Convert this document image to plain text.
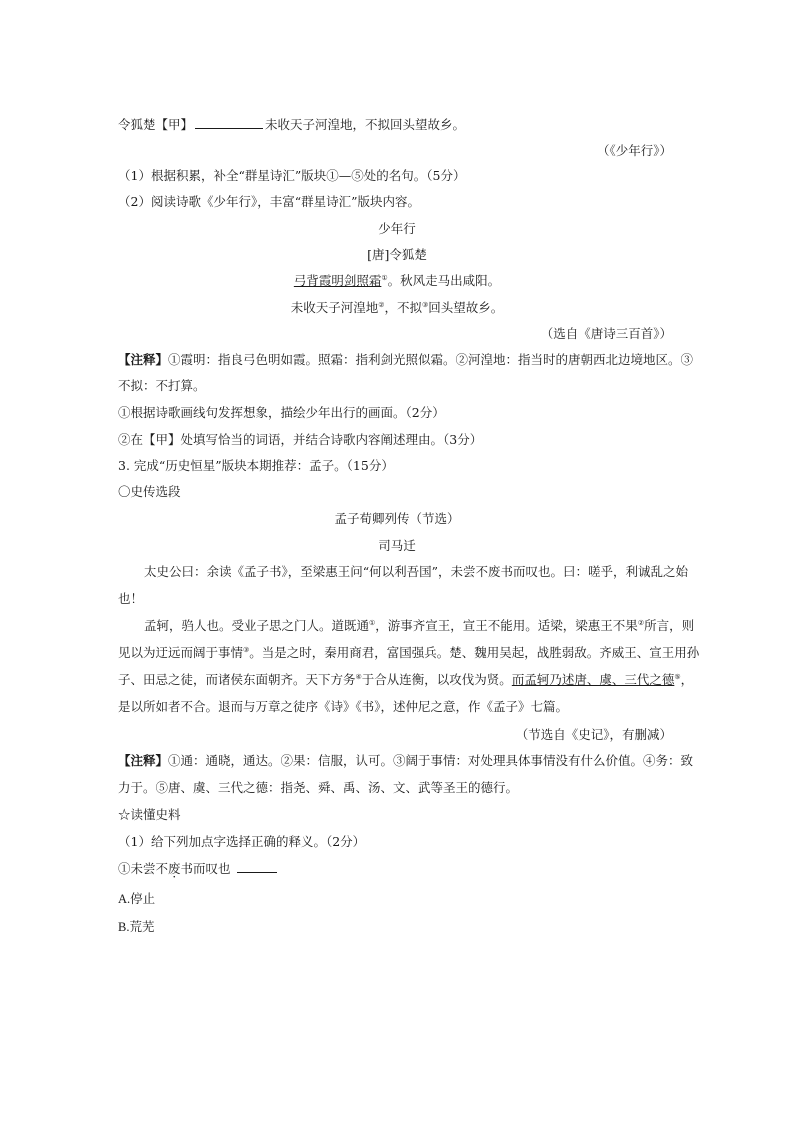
令狐楚【甲】	未收天子河湟地，不拟回头望故乡。
（《少年行》）
（1）根据积累，补全“群星诗汇”版块①—⑤处的名句。（5分）
（2）阅读诗歌《少年行》，丰富“群星诗汇”版块内容。
少年行
[唐]令狐楚
弓背霞明剑照霜①。秋风走马出咸阳。
未收天子河湟地②，不拟③回头望故乡。
（选自《唐诗三百首》）
【注释】①霞明：指良弓色明如霞。照霜：指利剑光照似霜。②河湟地：指当时的唐朝西北边境地区。③
不拟：不打算。
①根据诗歌画线句发挥想象，描绘少年出行的画面。（2分）
②在【甲】处填写恰当的词语，并结合诗歌内容阐述理由。（3分）
3. 完成“历史恒星”版块本期推荐：孟子。（15分）
〇史传选段
孟子荀卿列传（节选）
司马迁
太史公曰：余读《孟子书》，至梁惠王问“何以利吾国”，未尝不废书而叹也。曰：嗟乎，利诚乱之始
也！
孟轲，驺人也。受业子思之门人。道既通①，游事齐宣王，宣王不能用。适梁，梁惠王不果②所言，则
见以为迂远而阔于事情③。当是之时，秦用商君，富国强兵。楚、魏用吴起，战胜弱敌。齐威王、宣王用孙
子、田忌之徒，而诸侯东面朝齐。天下方务④于合从连衡，以攻伐为贤。而孟轲乃述唐、虞、三代之德⑤，
是以所如者不合。退而与万章之徒序《诗》《书》，述仲尼之意，作《孟子》七篇。
（节选自《史记》，有删减）
【注释】①通：通晓，通达。②果：信服，认可。③阔于事情：对处理具体事情没有什么价值。④务：致
力于。⑤唐、虞、三代之德：指尧、舜、禹、汤、文、武等圣王的德行。
☆读懂史料
（1）给下列加点字选择正确的释义。（2分）
①未尝不废书而叹也
A.停止
B.荒芜
